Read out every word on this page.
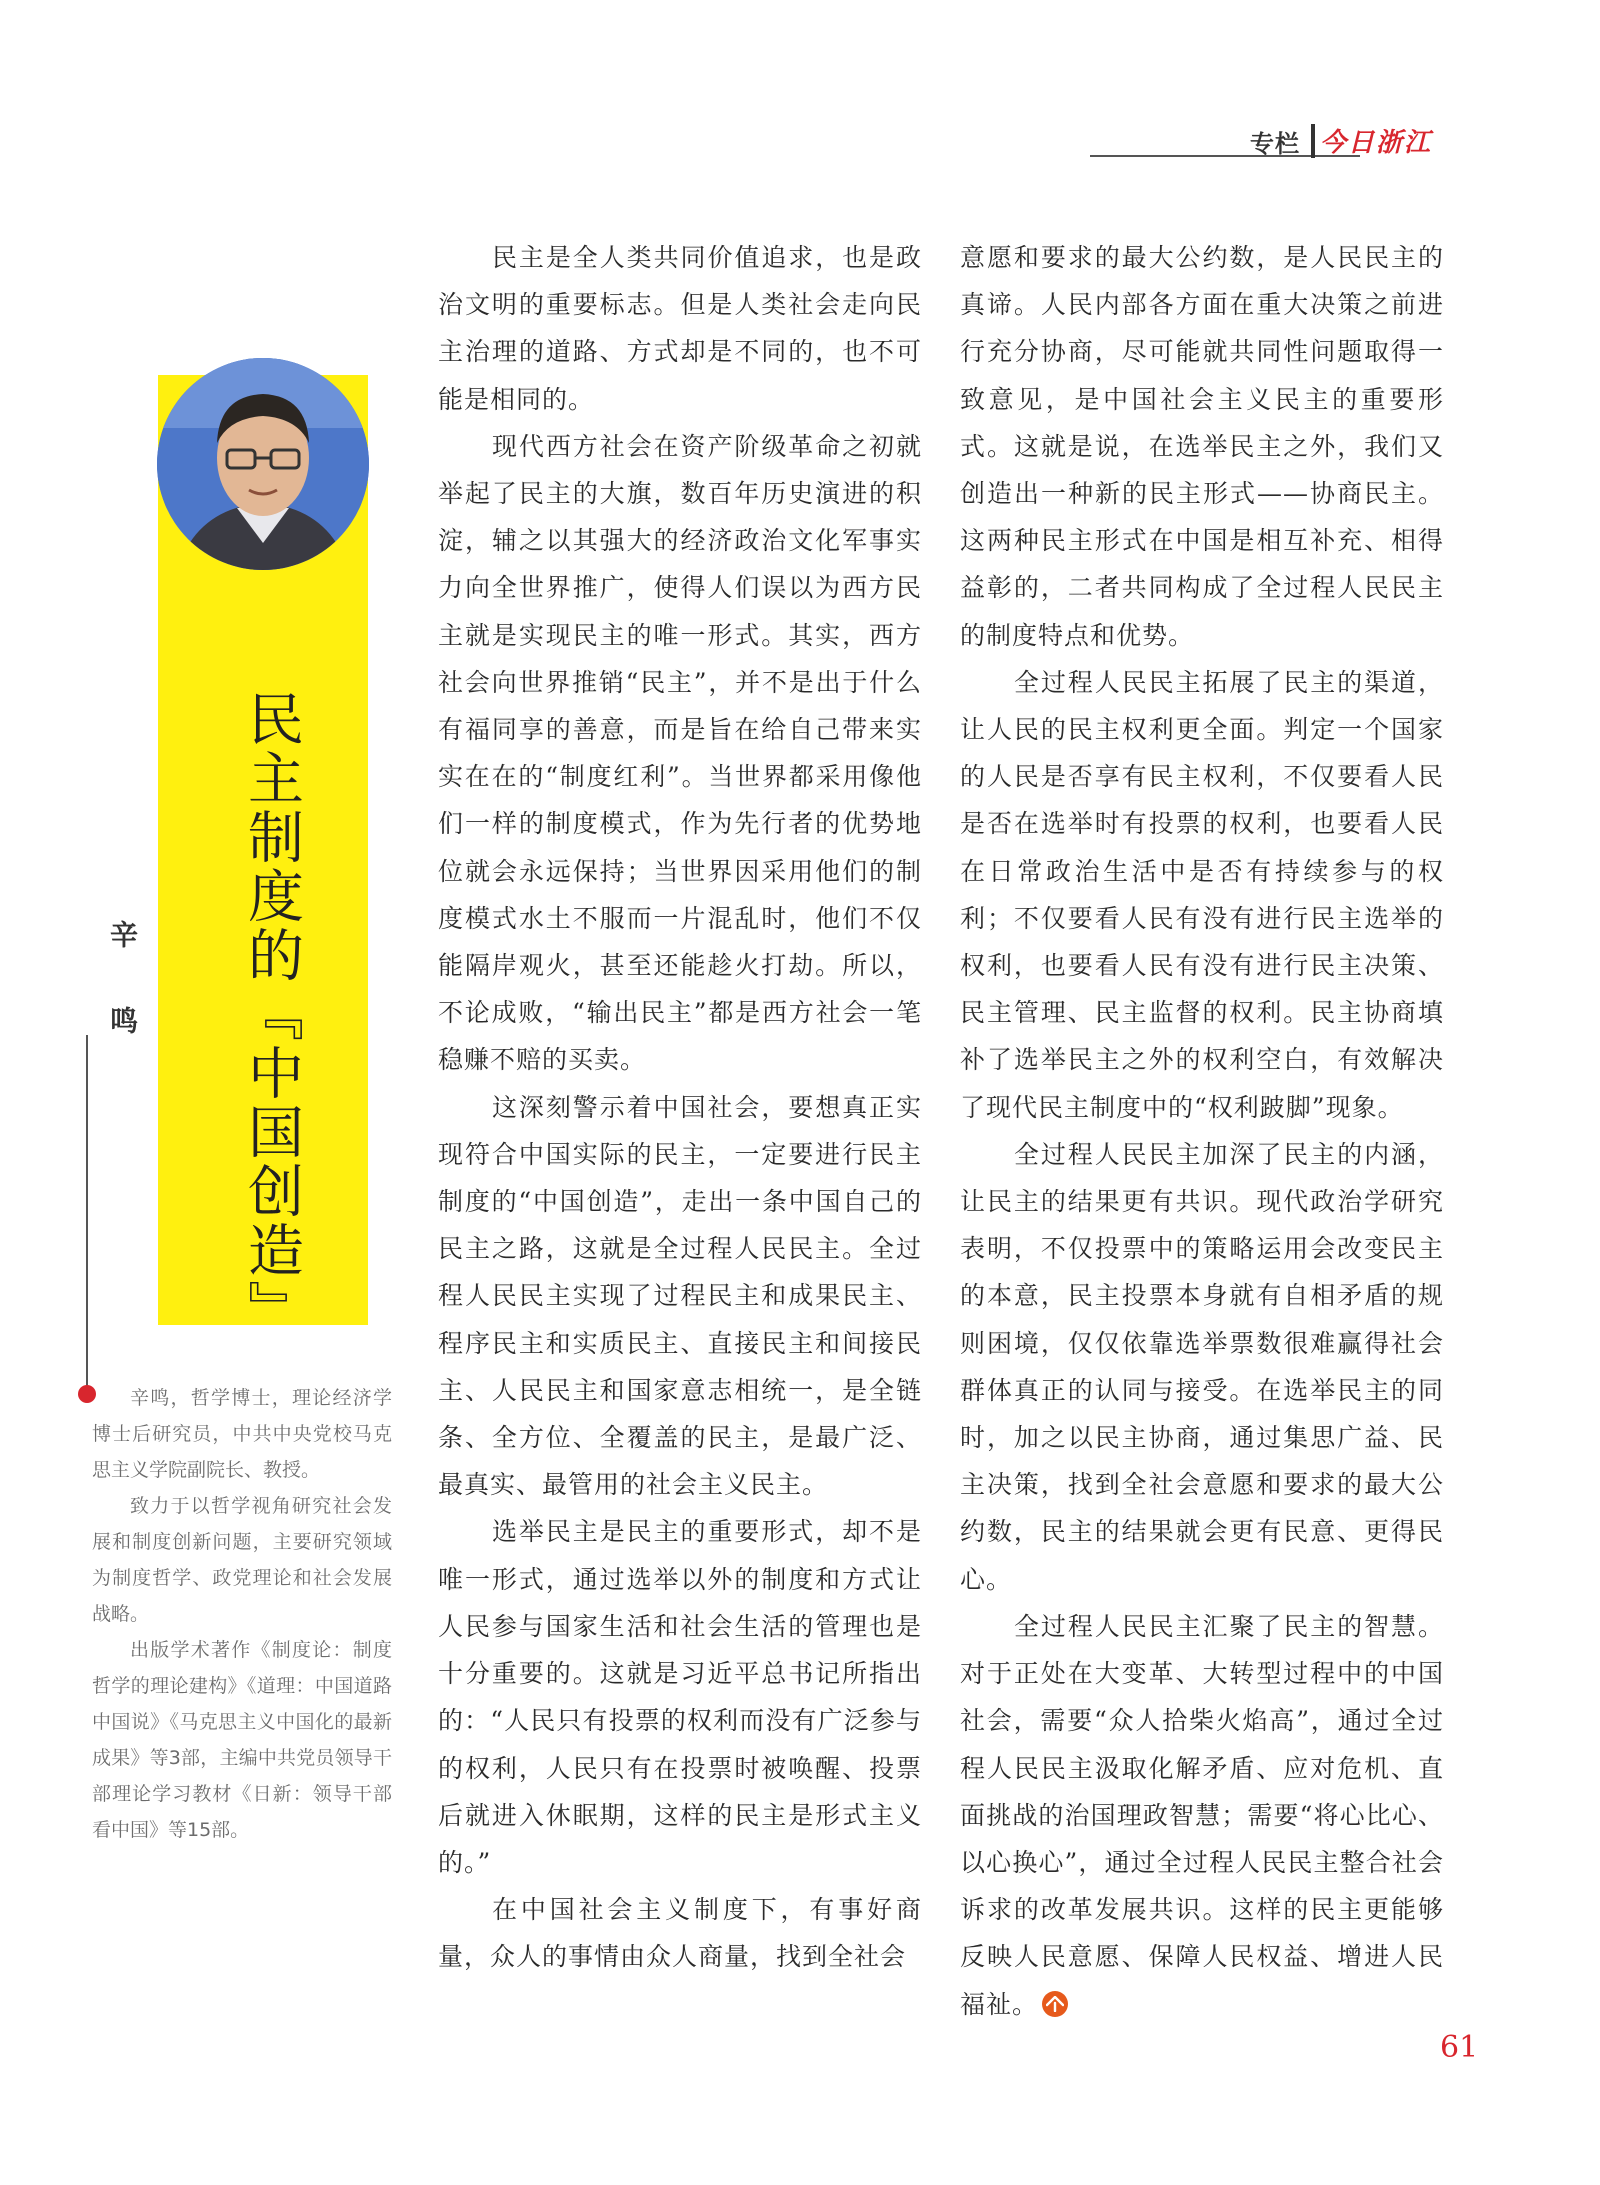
专栏 今日浙江
民主制度的『中国创造』
辛 鸣

辛鸣，哲学博士，理论经济学博士后研究员，中共中央党校马克思主义学院副院长、教授。

致力于以哲学视角研究社会发展和制度创新问题，主要研究领域为制度哲学、政党理论和社会发展战略。

出版学术著作《制度论：制度哲学的理论建构》《道理：中国道路中国说》《马克思主义中国化的最新成果》等3部，主编中共党员领导干部理论学习教材《日新：领导干部看中国》等15部。

民主是全人类共同价值追求，也是政治文明的重要标志。但是人类社会走向民主治理的道路、方式却是不同的，也不可能是相同的。

现代西方社会在资产阶级革命之初就举起了民主的大旗，数百年历史演进的积淀，辅之以其强大的经济政治文化军事实力向全世界推广，使得人们误以为西方民主就是实现民主的唯一形式。其实，西方社会向世界推销“民主”，并不是出于什么有福同享的善意，而是旨在给自己带来实实在在的“制度红利”。当世界都采用像他们一样的制度模式，作为先行者的优势地位就会永远保持；当世界因采用他们的制度模式水土不服而一片混乱时，他们不仅能隔岸观火，甚至还能趁火打劫。所以，不论成败，“输出民主”都是西方社会一笔稳赚不赔的买卖。

这深刻警示着中国社会，要想真正实现符合中国实际的民主，一定要进行民主制度的“中国创造”，走出一条中国自己的民主之路，这就是全过程人民民主。全过程人民民主实现了过程民主和成果民主、程序民主和实质民主、直接民主和间接民主、人民民主和国家意志相统一，是全链条、全方位、全覆盖的民主，是最广泛、最真实、最管用的社会主义民主。

选举民主是民主的重要形式，却不是唯一形式，通过选举以外的制度和方式让人民参与国家生活和社会生活的管理也是十分重要的。这就是习近平总书记所指出的：“人民只有投票的权利而没有广泛参与的权利，人民只有在投票时被唤醒、投票后就进入休眠期，这样的民主是形式主义的。”

在中国社会主义制度下，有事好商量，众人的事情由众人商量，找到全社会

意愿和要求的最大公约数，是人民民主的真谛。人民内部各方面在重大决策之前进行充分协商，尽可能就共同性问题取得一致意见，是中国社会主义民主的重要形式。这就是说，在选举民主之外，我们又创造出一种新的民主形式——协商民主。这两种民主形式在中国是相互补充、相得益彰的，二者共同构成了全过程人民民主的制度特点和优势。

全过程人民民主拓展了民主的渠道，让人民的民主权利更全面。判定一个国家的人民是否享有民主权利，不仅要看人民是否在选举时有投票的权利，也要看人民在日常政治生活中是否有持续参与的权利；不仅要看人民有没有进行民主选举的权利，也要看人民有没有进行民主决策、民主管理、民主监督的权利。民主协商填补了选举民主之外的权利空白，有效解决了现代民主制度中的“权利跛脚”现象。

全过程人民民主加深了民主的内涵，让民主的结果更有共识。现代政治学研究表明，不仅投票中的策略运用会改变民主的本意，民主投票本身就有自相矛盾的规则困境，仅仅依靠选举票数很难赢得社会群体真正的认同与接受。在选举民主的同时，加之以民主协商，通过集思广益、民主决策，找到全社会意愿和要求的最大公约数，民主的结果就会更有民意、更得民心。

全过程人民民主汇聚了民主的智慧。对于正处在大变革、大转型过程中的中国社会，需要“众人拾柴火焰高”，通过全过程人民民主汲取化解矛盾、应对危机、直面挑战的治国理政智慧；需要“将心比心、以心换心”，通过全过程人民民主整合社会诉求的改革发展共识。这样的民主更能够反映人民意愿、保障人民权益、增进人民福祉。

61
